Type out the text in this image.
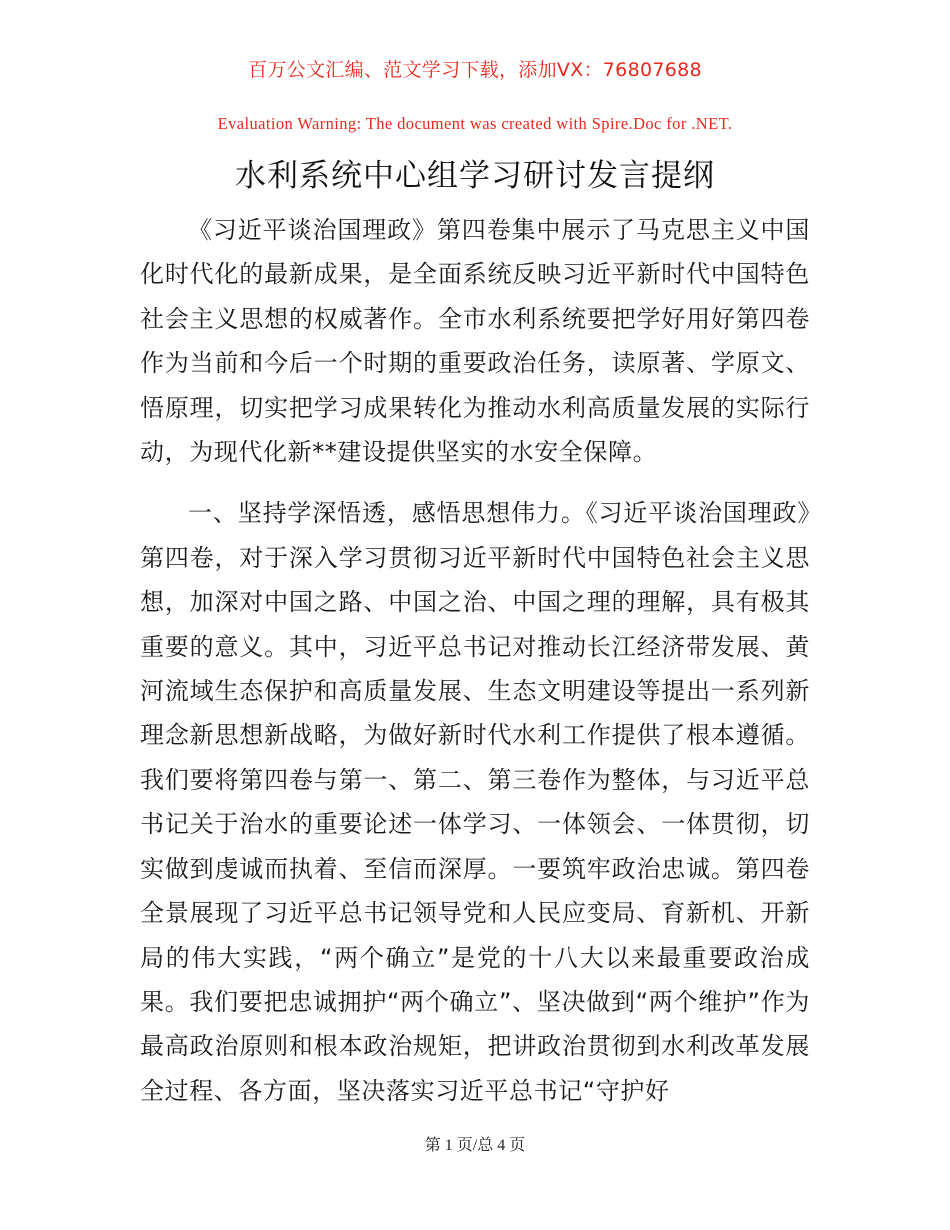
百万公文汇编、范文学习下载，添加VX：76807688
Evaluation Warning: The document was created with Spire.Doc for .NET.
水利系统中心组学习研讨发言提纲

《习近平谈治国理政》第四卷集中展示了马克思主义中国化时代化的最新成果，是全面系统反映习近平新时代中国特色社会主义思想的权威著作。全市水利系统要把学好用好第四卷作为当前和今后一个时期的重要政治任务，读原著、学原文、悟原理，切实把学习成果转化为推动水利高质量发展的实际行动，为现代化新**建设提供坚实的水安全保障。

一、坚持学深悟透，感悟思想伟力。《习近平谈治国理政》第四卷，对于深入学习贯彻习近平新时代中国特色社会主义思想，加深对中国之路、中国之治、中国之理的理解，具有极其重要的意义。其中，习近平总书记对推动长江经济带发展、黄河流域生态保护和高质量发展、生态文明建设等提出一系列新理念新思想新战略，为做好新时代水利工作提供了根本遵循。我们要将第四卷与第一、第二、第三卷作为整体，与习近平总书记关于治水的重要论述一体学习、一体领会、一体贯彻，切实做到虔诚而执着、至信而深厚。一要筑牢政治忠诚。第四卷全景展现了习近平总书记领导党和人民应变局、育新机、开新局的伟大实践，“两个确立”是党的十八大以来最重要政治成果。我们要把忠诚拥护“两个确立”、坚决做到“两个维护”作为最高政治原则和根本政治规矩，把讲政治贯彻到水利改革发展全过程、各方面，坚决落实习近平总书记“守护好

第 1 页/总 4 页
